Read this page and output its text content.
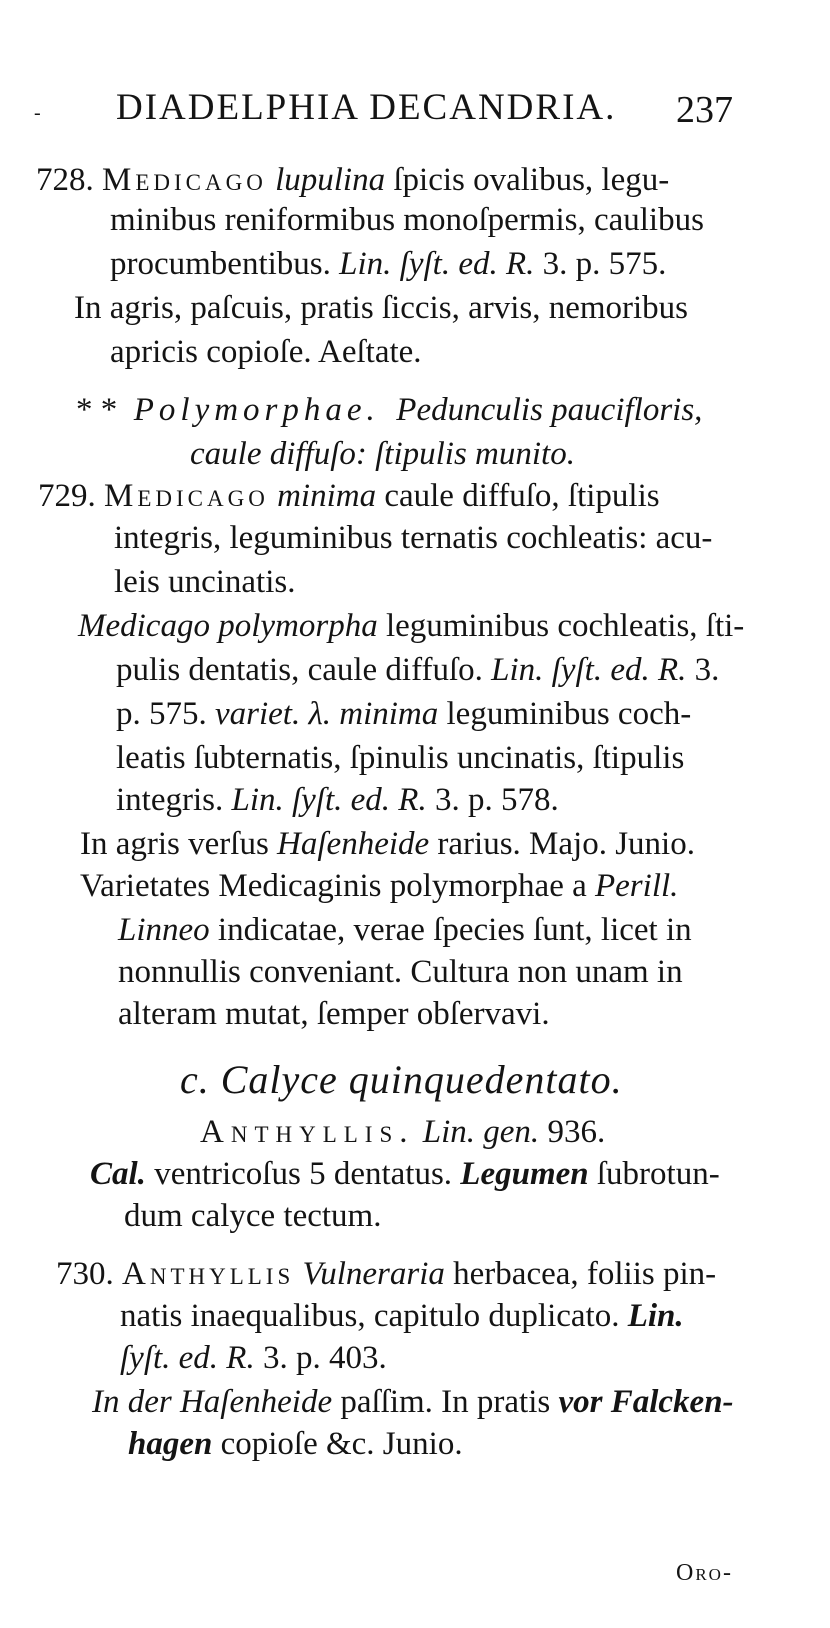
- DIADELPHIA DECANDRIA. 237
728. Medicago lupulina ſpicis ovalibus, legu-
minibus reniformibus monoſpermis, caulibus
procumbentibus. Lin. ſyſt. ed. R. 3. p. 575.
In agris, paſcuis, pratis ſiccis, arvis, nemoribus
apricis copioſe. Aeſtate.
* * Polymorphae. Pedunculis paucifloris,
caule diffuſo: ſtipulis munito.
729. Medicago minima caule diffuſo, ſtipulis
integris, leguminibus ternatis cochleatis: acu-
leis uncinatis.
Medicago polymorpha leguminibus cochleatis, ſti-
pulis dentatis, caule diffuſo. Lin. ſyſt. ed. R. 3.
p. 575. variet. λ. minima leguminibus coch-
leatis ſubternatis, ſpinulis uncinatis, ſtipulis
integris. Lin. ſyſt. ed. R. 3. p. 578.
In agris verſus Haſenheide rarius. Majo. Junio.
Varietates Medicaginis polymorphae a Perill.
Linneo indicatae, verae ſpecies ſunt, licet in
nonnullis conveniant. Cultura non unam in
alteram mutat, ſemper obſervavi.
c. Calyce quinquedentato.
Anthyllis. Lin. gen. 936.
Cal. ventricoſus 5 dentatus. Legumen ſubrotun-
dum calyce tectum.
730. Anthyllis Vulneraria herbacea, foliis pin-
natis inaequalibus, capitulo duplicato. Lin.
ſyſt. ed. R. 3. p. 403.
In der Haſenheide paſſim. In pratis vor Falcken-
hagen copioſe &c. Junio.
Oro-
